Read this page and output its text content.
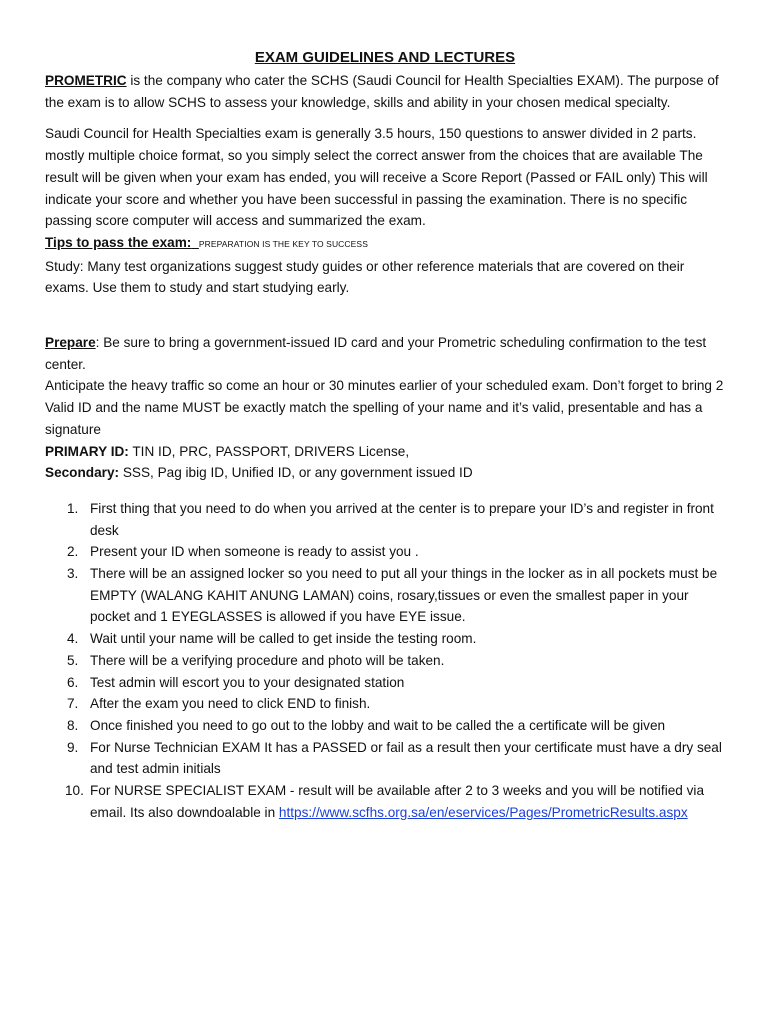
EXAM GUIDELINES AND LECTURES

PROMETRIC is the company who cater the SCHS (Saudi Council for Health Specialties EXAM). The purpose of the exam is to allow SCHS to assess your knowledge, skills and ability in your chosen medical specialty.

Saudi Council for Health Specialties exam is generally 3.5 hours, 150 questions to answer divided in 2 parts. mostly multiple choice format, so you simply select the correct answer from the choices that are available The result will be given when your exam has ended, you will receive a Score Report (Passed or FAIL only) This will indicate your score and whether you have been successful in passing the examination. There is no specific passing score computer will access and summarized the exam.

Tips to pass the exam: PREPARATION IS THE KEY TO SUCCESS

Study: Many test organizations suggest study guides or other reference materials that are covered on their exams. Use them to study and start studying early.

Prepare: Be sure to bring a government-issued ID card and your Prometric scheduling confirmation to the test center.

Anticipate the heavy traffic so come an hour or 30 minutes earlier of your scheduled exam. Don’t forget to bring 2 Valid ID and the name MUST be exactly match the spelling of your name and it’s valid, presentable and has a signature

PRIMARY ID: TIN ID, PRC, PASSPORT, DRIVERS License,

Secondary: SSS, Pag ibig ID, Unified ID, or any government issued ID

1. First thing that you need to do when you arrived at the center is to prepare your ID’s and register in front desk
2. Present your ID when someone is ready to assist you .
3. There will be an assigned locker so you need to put all your things in the locker as in all pockets must be EMPTY (WALANG KAHIT ANUNG LAMAN) coins, rosary,tissues or even the smallest paper in your pocket and 1 EYEGLASSES is allowed if you have EYE issue.
4. Wait until your name will be called to get inside the testing room.
5. There will be a verifying procedure and photo will be taken.
6. Test admin will escort you to your designated station
7. After the exam you need to click END to finish.
8. Once finished you need to go out to the lobby and wait to be called the a certificate will be given
9. For Nurse Technician EXAM It has a PASSED or fail as a result then your certificate must have a dry seal and test admin initials
10. For NURSE SPECIALIST EXAM - result will be available after 2 to 3 weeks and you will be notified via email. Its also downdoalable in https://www.scfhs.org.sa/en/eservices/Pages/PrometricResults.aspx
